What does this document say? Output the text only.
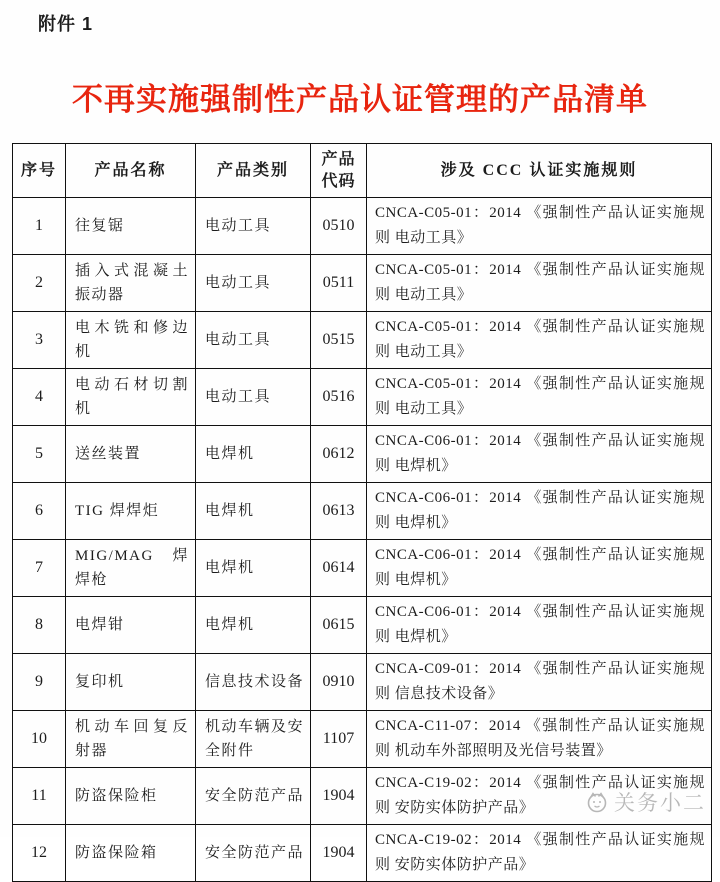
附件 1
不再实施强制性产品认证管理的产品清单
序号	产品名称	产品类别	产品代码	涉及 CCC 认证实施规则
1	往复锯	电动工具	0510	CNCA-C05-01：2014 《强制性产品认证实施规则 电动工具》
2	插入式混凝土振动器	电动工具	0511	CNCA-C05-01：2014 《强制性产品认证实施规则 电动工具》
3	电木铣和修边机	电动工具	0515	CNCA-C05-01：2014 《强制性产品认证实施规则 电动工具》
4	电动石材切割机	电动工具	0516	CNCA-C05-01：2014 《强制性产品认证实施规则 电动工具》
5	送丝装置	电焊机	0612	CNCA-C06-01：2014 《强制性产品认证实施规则 电焊机》
6	TIG 焊焊炬	电焊机	0613	CNCA-C06-01：2014 《强制性产品认证实施规则 电焊机》
7	MIG/MAG 焊焊枪	电焊机	0614	CNCA-C06-01：2014 《强制性产品认证实施规则 电焊机》
8	电焊钳	电焊机	0615	CNCA-C06-01：2014 《强制性产品认证实施规则 电焊机》
9	复印机	信息技术设备	0910	CNCA-C09-01：2014 《强制性产品认证实施规则 信息技术设备》
10	机动车回复反射器	机动车辆及安全附件	1107	CNCA-C11-07：2014 《强制性产品认证实施规则 机动车外部照明及光信号装置》
11	防盗保险柜	安全防范产品	1904	CNCA-C19-02：2014 《强制性产品认证实施规则 安防实体防护产品》
12	防盗保险箱	安全防范产品	1904	CNCA-C19-02：2014 《强制性产品认证实施规则 安防实体防护产品》
关务小二
